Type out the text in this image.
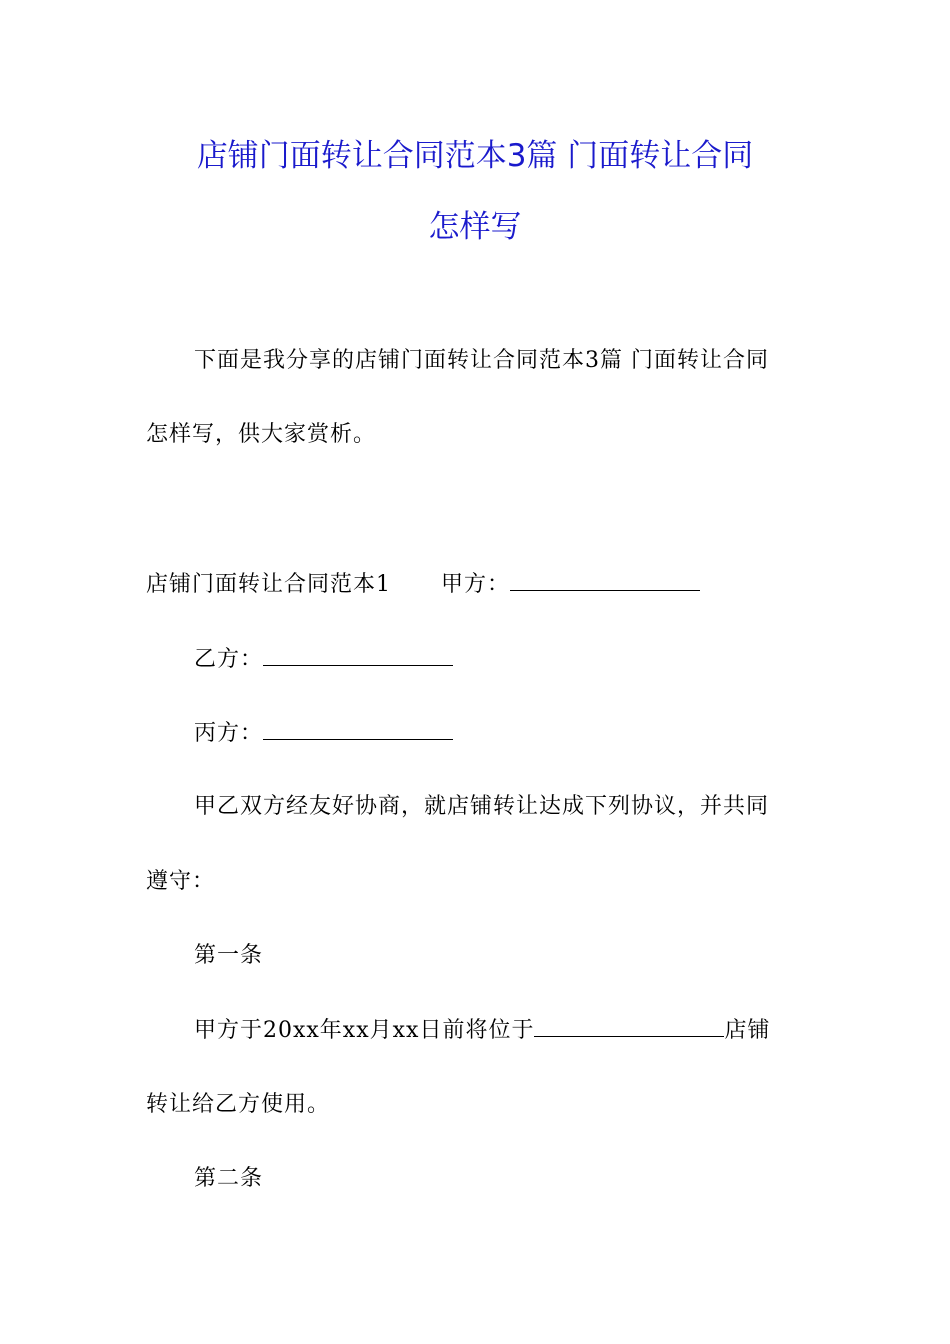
店铺门面转让合同范本3篇 门面转让合同
怎样写
下面是我分享的店铺门面转让合同范本3篇 门面转让合同
怎样写，供大家赏析。
店铺门面转让合同范本1 甲方：
乙方：
丙方：
甲乙双方经友好协商，就店铺转让达成下列协议，并共同
遵守：
第一条
甲方于20xx年xx月xx日前将位于	店铺
转让给乙方使用。
第二条
